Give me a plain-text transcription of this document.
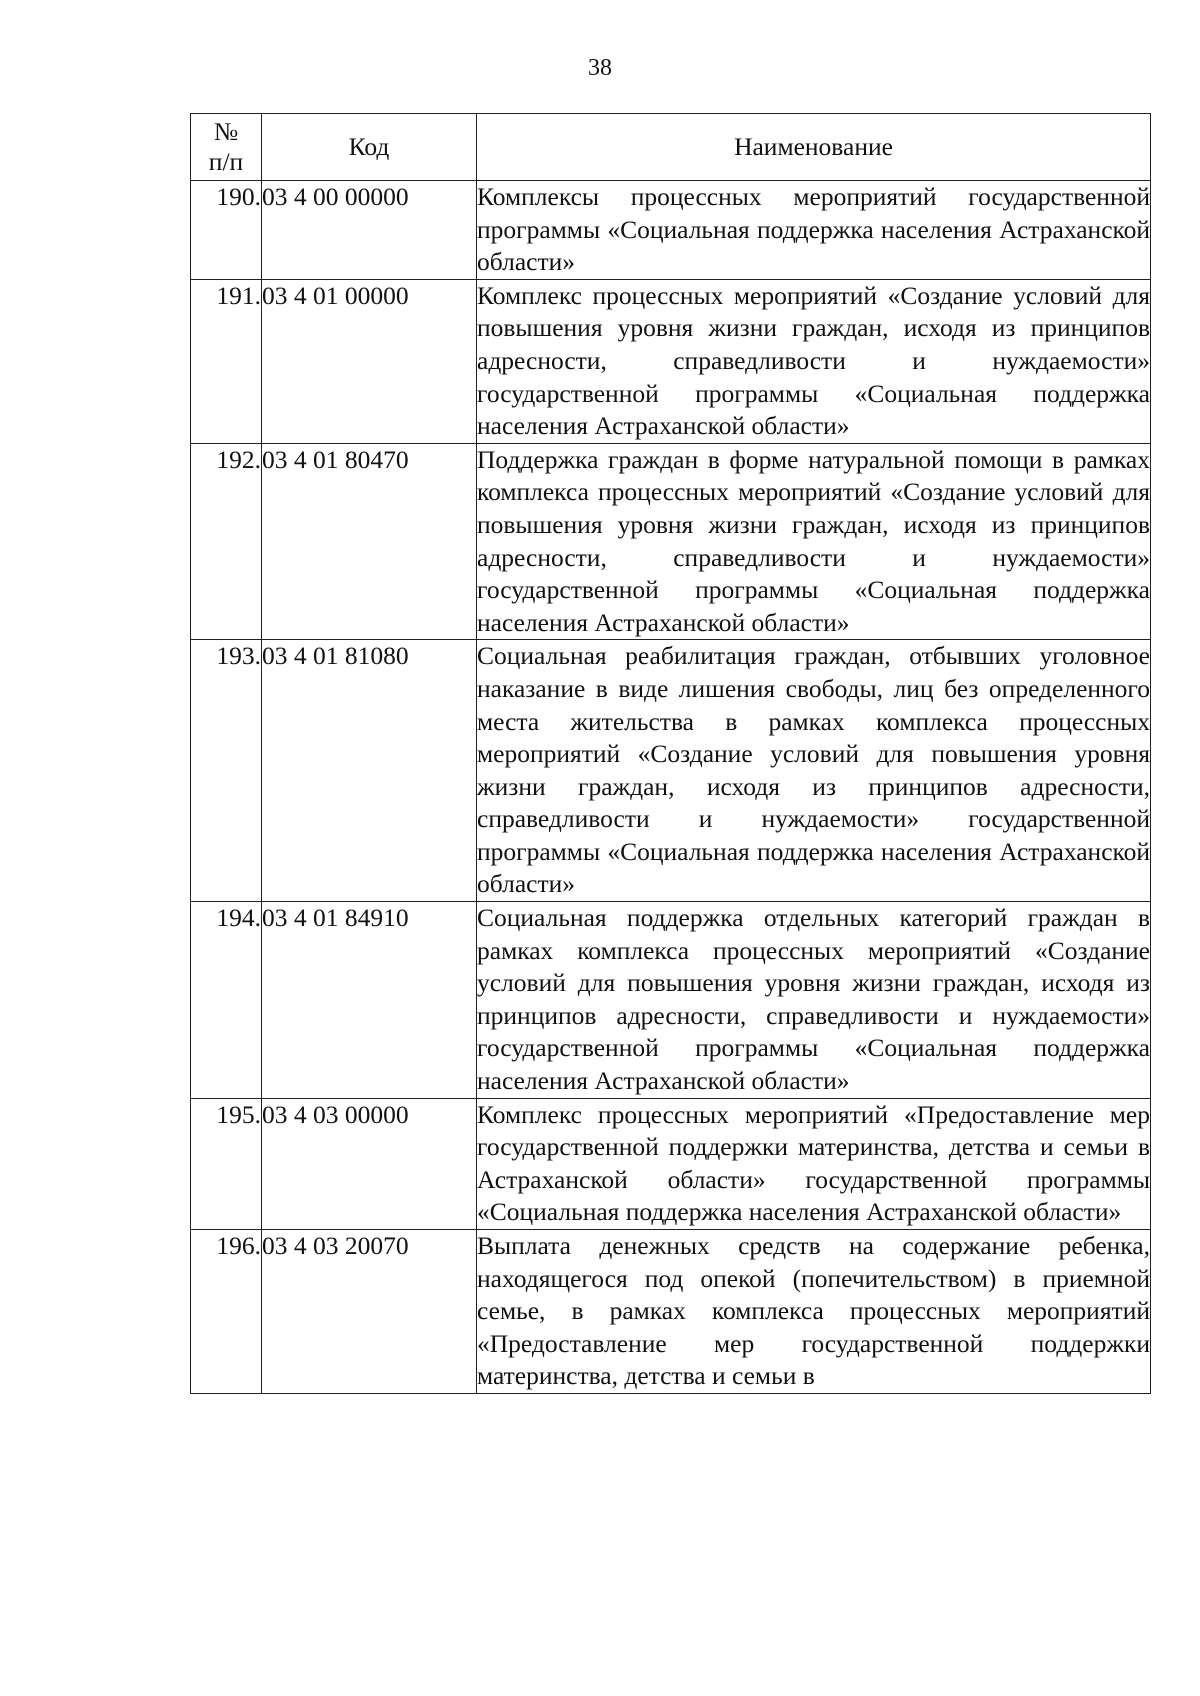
38
№
п/п	Код	Наименование
190.	03 4 00 00000	Комплексы процессных мероприятий государственной программы «Социальная поддержка населения Астраханской области»
191.	03 4 01 00000	Комплекс процессных мероприятий «Создание условий для повышения уровня жизни граждан, исходя из принципов адресности, справедливости и нуждаемости» государственной программы «Социальная поддержка населения Астраханской области»
192.	03 4 01 80470	Поддержка граждан в форме натуральной помощи в рамках комплекса процессных мероприятий «Создание условий для повышения уровня жизни граждан, исходя из принципов адресности, справедливости и нуждаемости» государственной программы «Социальная поддержка населения Астраханской области»
193.	03 4 01 81080	Социальная реабилитация граждан, отбывших уголовное наказание в виде лишения свободы, лиц без определенного места жительства в рамках комплекса процессных мероприятий «Создание условий для повышения уровня жизни граждан, исходя из принципов адресности, справедливости и нуждаемости» государственной программы «Социальная поддержка населения Астраханской области»
194.	03 4 01 84910	Социальная поддержка отдельных категорий граждан в рамках комплекса процессных мероприятий «Создание условий для повышения уровня жизни граждан, исходя из принципов адресности, справедливости и нуждаемости» государственной программы «Социальная поддержка населения Астраханской области»
195.	03 4 03 00000	Комплекс процессных мероприятий «Предоставление мер государственной поддержки материнства, детства и семьи в Астраханской области» государственной программы «Социальная поддержка населения Астраханской области»
196.	03 4 03 20070	Выплата денежных средств на содержание ребенка, находящегося под опекой (попечительством) в приемной семье, в рамках комплекса процессных мероприятий «Предоставление мер государственной поддержки материнства, детства и семьи в
